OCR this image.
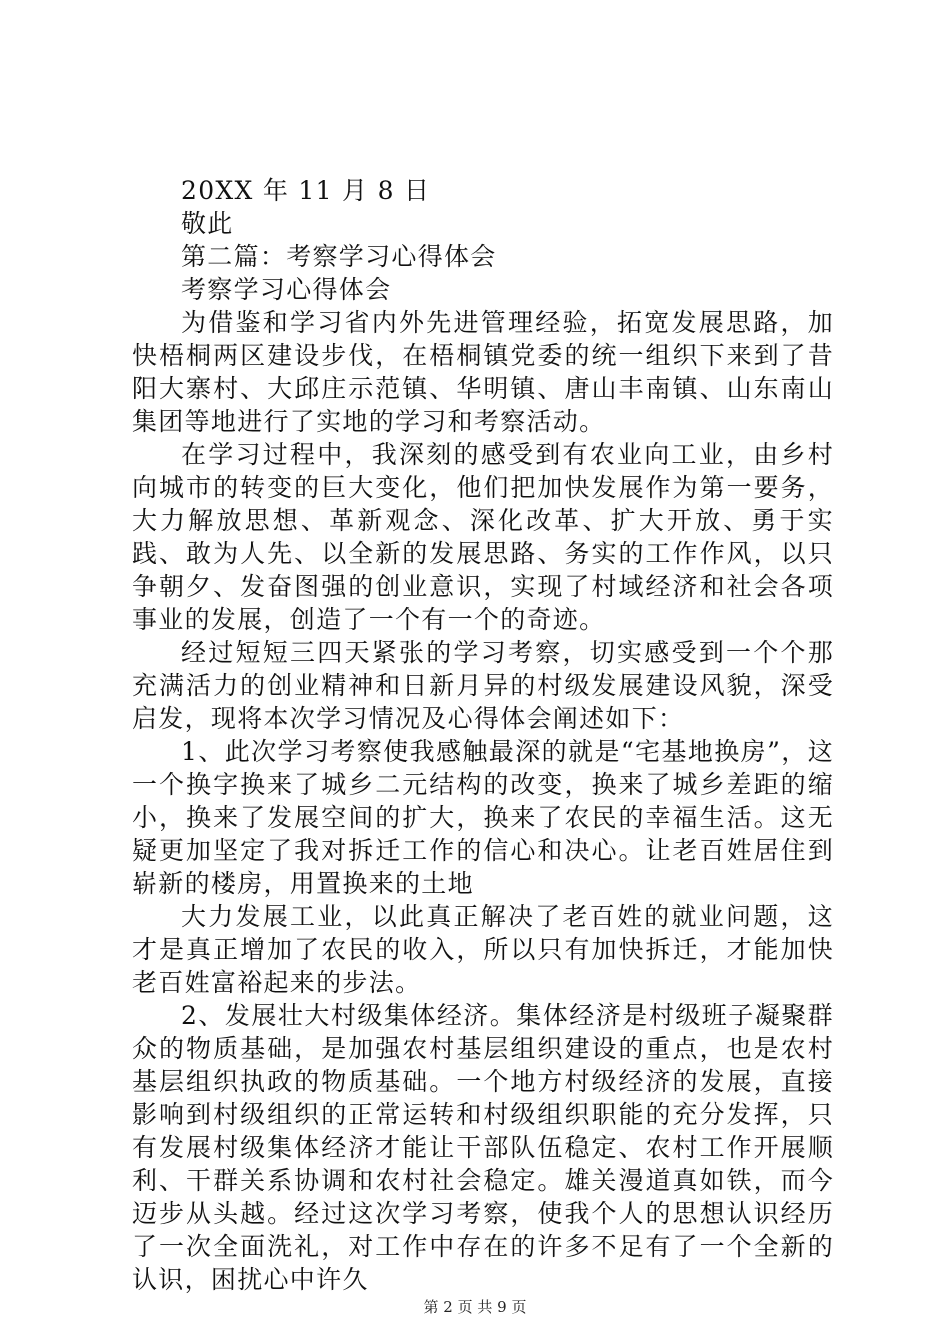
20XX 年 11 月 8 日

敬此

第二篇：考察学习心得体会

考察学习心得体会

为借鉴和学习省内外先进管理经验，拓宽发展思路，加快梧桐两区建设步伐，在梧桐镇党委的统一组织下来到了昔阳大寨村、大邱庄示范镇、华明镇、唐山丰南镇、山东南山集团等地进行了实地的学习和考察活动。

在学习过程中，我深刻的感受到有农业向工业，由乡村向城市的转变的巨大变化，他们把加快发展作为第一要务，大力解放思想、革新观念、深化改革、扩大开放、勇于实践、敢为人先、以全新的发展思路、务实的工作作风，以只争朝夕、发奋图强的创业意识，实现了村域经济和社会各项事业的发展，创造了一个有一个的奇迹。

经过短短三四天紧张的学习考察，切实感受到一个个那充满活力的创业精神和日新月异的村级发展建设风貌，深受启发，现将本次学习情况及心得体会阐述如下：

1、此次学习考察使我感触最深的就是“宅基地换房”，这一个换字换来了城乡二元结构的改变，换来了城乡差距的缩小，换来了发展空间的扩大，换来了农民的幸福生活。这无疑更加坚定了我对拆迁工作的信心和决心。让老百姓居住到崭新的楼房，用置换来的土地

大力发展工业，以此真正解决了老百姓的就业问题，这才是真正增加了农民的收入，所以只有加快拆迁，才能加快老百姓富裕起来的步法。

2、发展壮大村级集体经济。集体经济是村级班子凝聚群众的物质基础，是加强农村基层组织建设的重点，也是农村基层组织执政的物质基础。一个地方村级经济的发展，直接影响到村级组织的正常运转和村级组织职能的充分发挥，只有发展村级集体经济才能让干部队伍稳定、农村工作开展顺利、干群关系协调和农村社会稳定。雄关漫道真如铁，而今迈步从头越。经过这次学习考察，使我个人的思想认识经历了一次全面洗礼，对工作中存在的许多不足有了一个全新的认识，困扰心中许久

第 2 页 共 9 页
